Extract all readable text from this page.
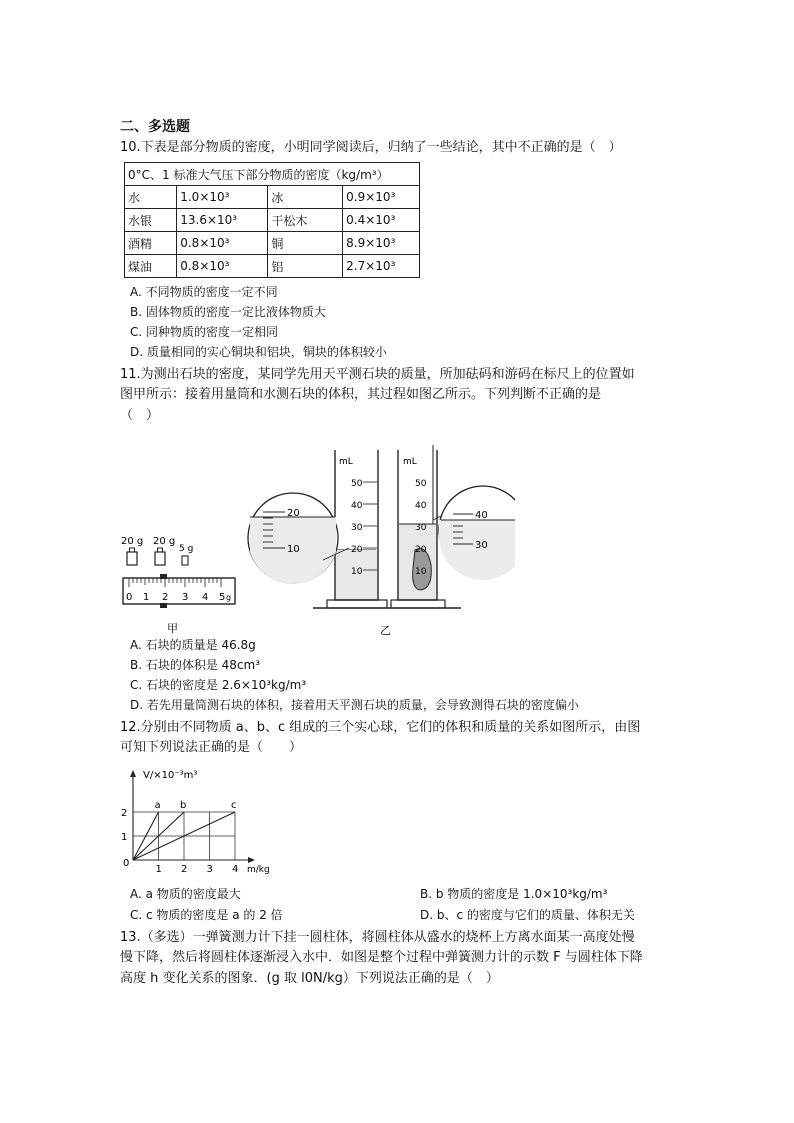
二、多选题
10.下表是部分物质的密度，小明同学阅读后，归纳了一些结论，其中不正确的是（　）
0°C、1 标准大气压下部分物质的密度（kg/m³）			
水	1.0×10³	冰	0.9×10³
水银	13.6×10³	干松木	0.4×10³
酒精	0.8×10³	铜	8.9×10³
煤油	0.8×10³	铝	2.7×10³
A. 不同物质的密度一定不同
B. 固体物质的密度一定比液体物质大
C. 同种物质的密度一定相同
D. 质量相同的实心铜块和铝块，铜块的体积较小
11.为测出石块的密度，某同学先用天平测石块的质量，所加砝码和游码在标尺上的位置如
图甲所示：接着用量筒和水测石块的体积，其过程如图乙所示。下列判断不正确的是
（　）
20 g 20 g
5 g
0 1 2 3 4 5 g
甲
mL
50
40
30
20
10
mL
50
40
30
20
10
乙
20
10
40
30
A. 石块的质量是 46.8g
B. 石块的体积是 48cm³
C. 石块的密度是 2.6×10³kg/m³
D. 若先用量筒测石块的体积，接着用天平测石块的质量，会导致测得石块的密度偏小
12.分别由不同物质 a、b、c 组成的三个实心球，它们的体积和质量的关系如图所示，由图
可知下列说法正确的是（　　）
V/×10⁻³m³
m/kg
0
1 2 3 4
1
2
a b	c
A. a 物质的密度最大	B. b 物质的密度是 1.0×10³kg/m³
C. c 物质的密度是 a 的 2 倍	D. b、c 的密度与它们的质量、体积无关
13.（多选）一弹簧测力计下挂一圆柱体，将圆柱体从盛水的烧杯上方离水面某一高度处慢
慢下降，然后将圆柱体逐渐浸入水中．如图是整个过程中弹簧测力计的示数 F 与圆柱体下降
高度 h 变化关系的图象．(g 取 l0N/kg）下列说法正确的是（　）
